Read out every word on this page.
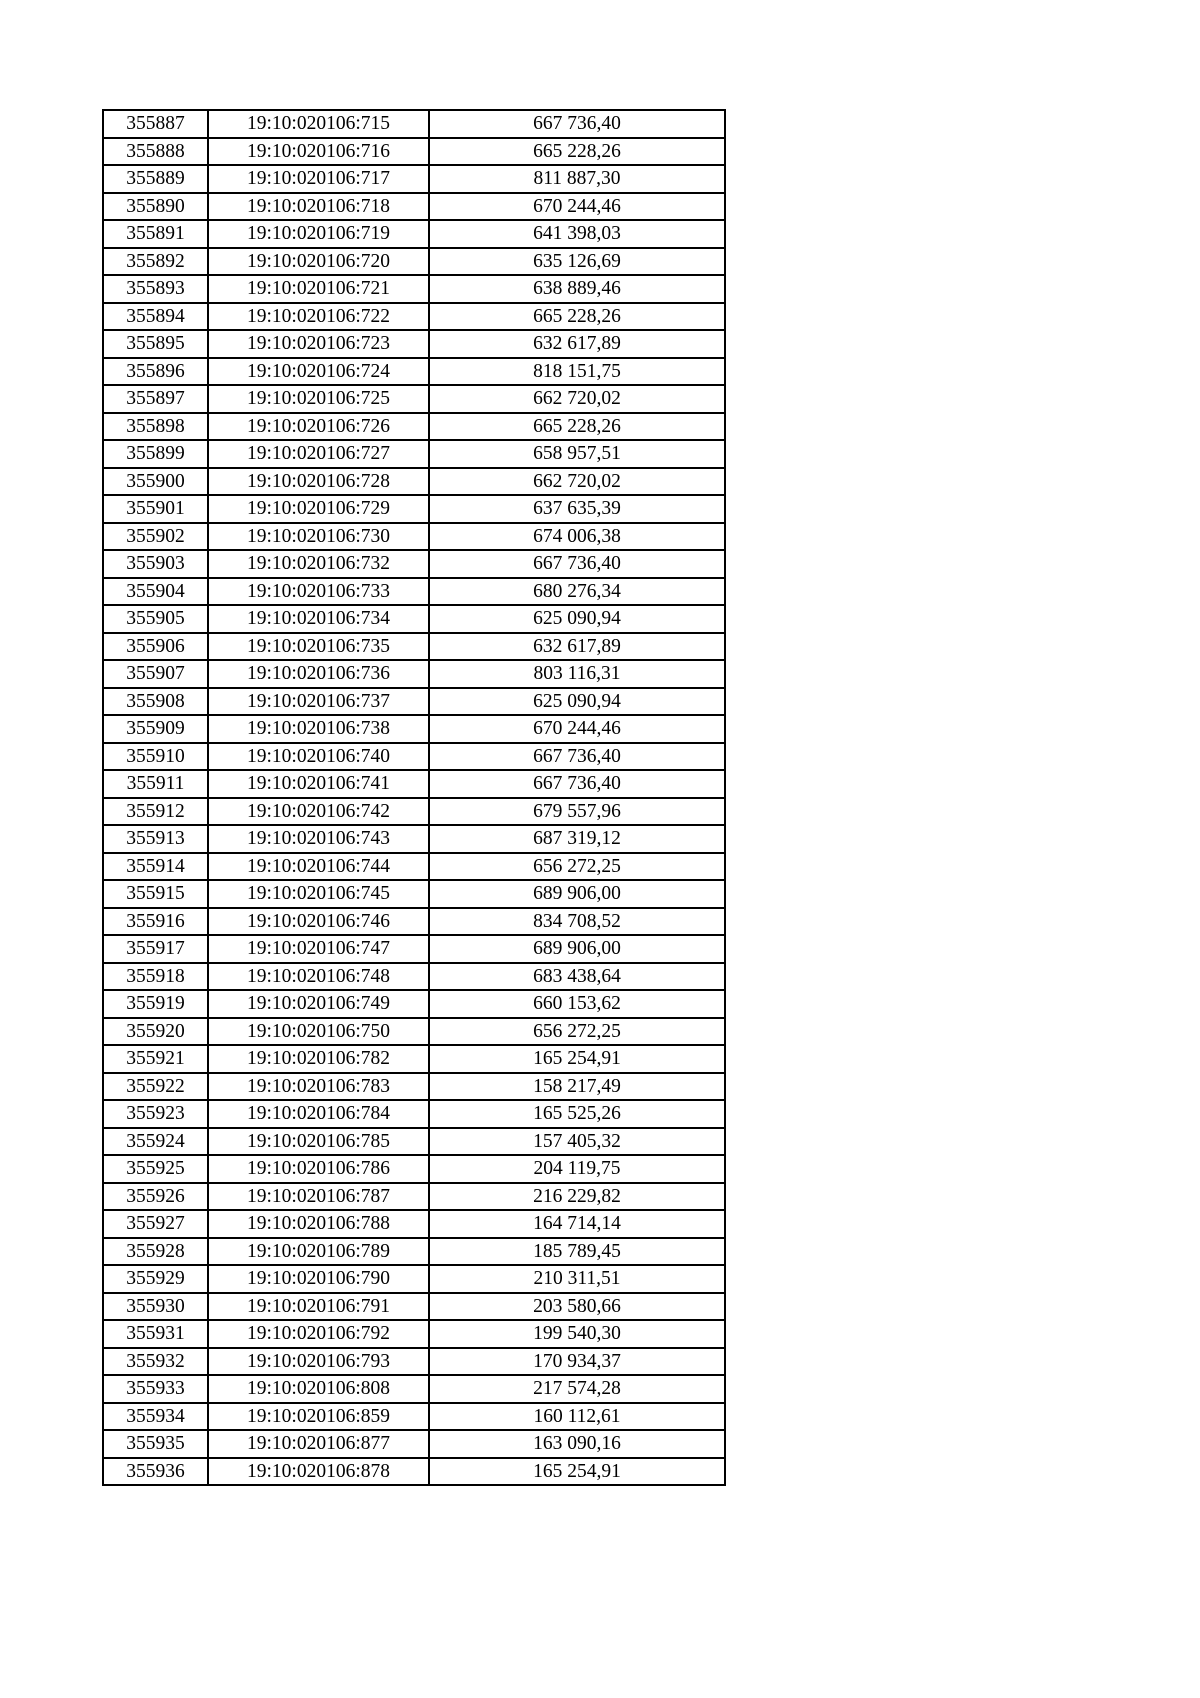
355887	19:10:020106:715	667 736,40
355888	19:10:020106:716	665 228,26
355889	19:10:020106:717	811 887,30
355890	19:10:020106:718	670 244,46
355891	19:10:020106:719	641 398,03
355892	19:10:020106:720	635 126,69
355893	19:10:020106:721	638 889,46
355894	19:10:020106:722	665 228,26
355895	19:10:020106:723	632 617,89
355896	19:10:020106:724	818 151,75
355897	19:10:020106:725	662 720,02
355898	19:10:020106:726	665 228,26
355899	19:10:020106:727	658 957,51
355900	19:10:020106:728	662 720,02
355901	19:10:020106:729	637 635,39
355902	19:10:020106:730	674 006,38
355903	19:10:020106:732	667 736,40
355904	19:10:020106:733	680 276,34
355905	19:10:020106:734	625 090,94
355906	19:10:020106:735	632 617,89
355907	19:10:020106:736	803 116,31
355908	19:10:020106:737	625 090,94
355909	19:10:020106:738	670 244,46
355910	19:10:020106:740	667 736,40
355911	19:10:020106:741	667 736,40
355912	19:10:020106:742	679 557,96
355913	19:10:020106:743	687 319,12
355914	19:10:020106:744	656 272,25
355915	19:10:020106:745	689 906,00
355916	19:10:020106:746	834 708,52
355917	19:10:020106:747	689 906,00
355918	19:10:020106:748	683 438,64
355919	19:10:020106:749	660 153,62
355920	19:10:020106:750	656 272,25
355921	19:10:020106:782	165 254,91
355922	19:10:020106:783	158 217,49
355923	19:10:020106:784	165 525,26
355924	19:10:020106:785	157 405,32
355925	19:10:020106:786	204 119,75
355926	19:10:020106:787	216 229,82
355927	19:10:020106:788	164 714,14
355928	19:10:020106:789	185 789,45
355929	19:10:020106:790	210 311,51
355930	19:10:020106:791	203 580,66
355931	19:10:020106:792	199 540,30
355932	19:10:020106:793	170 934,37
355933	19:10:020106:808	217 574,28
355934	19:10:020106:859	160 112,61
355935	19:10:020106:877	163 090,16
355936	19:10:020106:878	165 254,91
